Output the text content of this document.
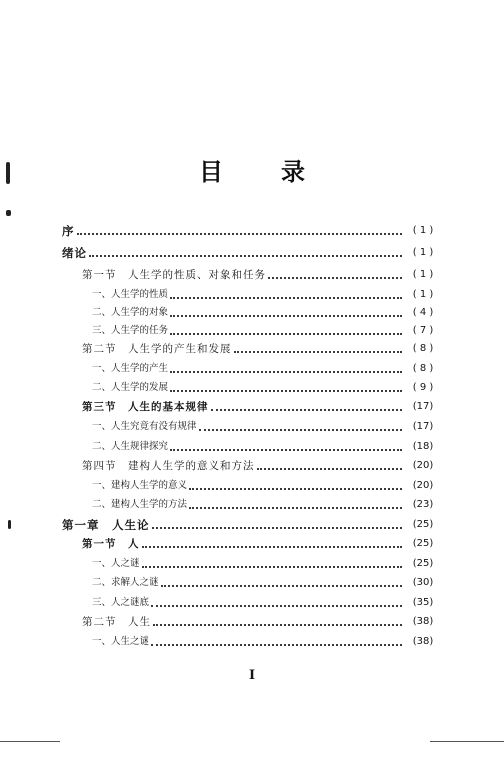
目录
序	( 1 )
绪论	( 1 )
第一节　人生学的性质、对象和任务	( 1 )
一、人生学的性质	( 1 )
二、人生学的对象	( 4 )
三、人生学的任务	( 7 )
第二节　人生学的产生和发展	( 8 )
一、人生学的产生	( 8 )
二、人生学的发展	( 9 )
第三节　人生的基本规律	(17)
一、人生究竟有没有规律	(17)
二、人生规律探究	(18)
第四节　建构人生学的意义和方法	(20)
一、建构人生学的意义	(20)
二、建构人生学的方法	(23)
第一章　人生论	(25)
第一节　人	(25)
一、人之谜	(25)
二、求解人之谜	(30)
三、人之谜底	(35)
第二节　人生	(38)
一、人生之谜	(38)
I
